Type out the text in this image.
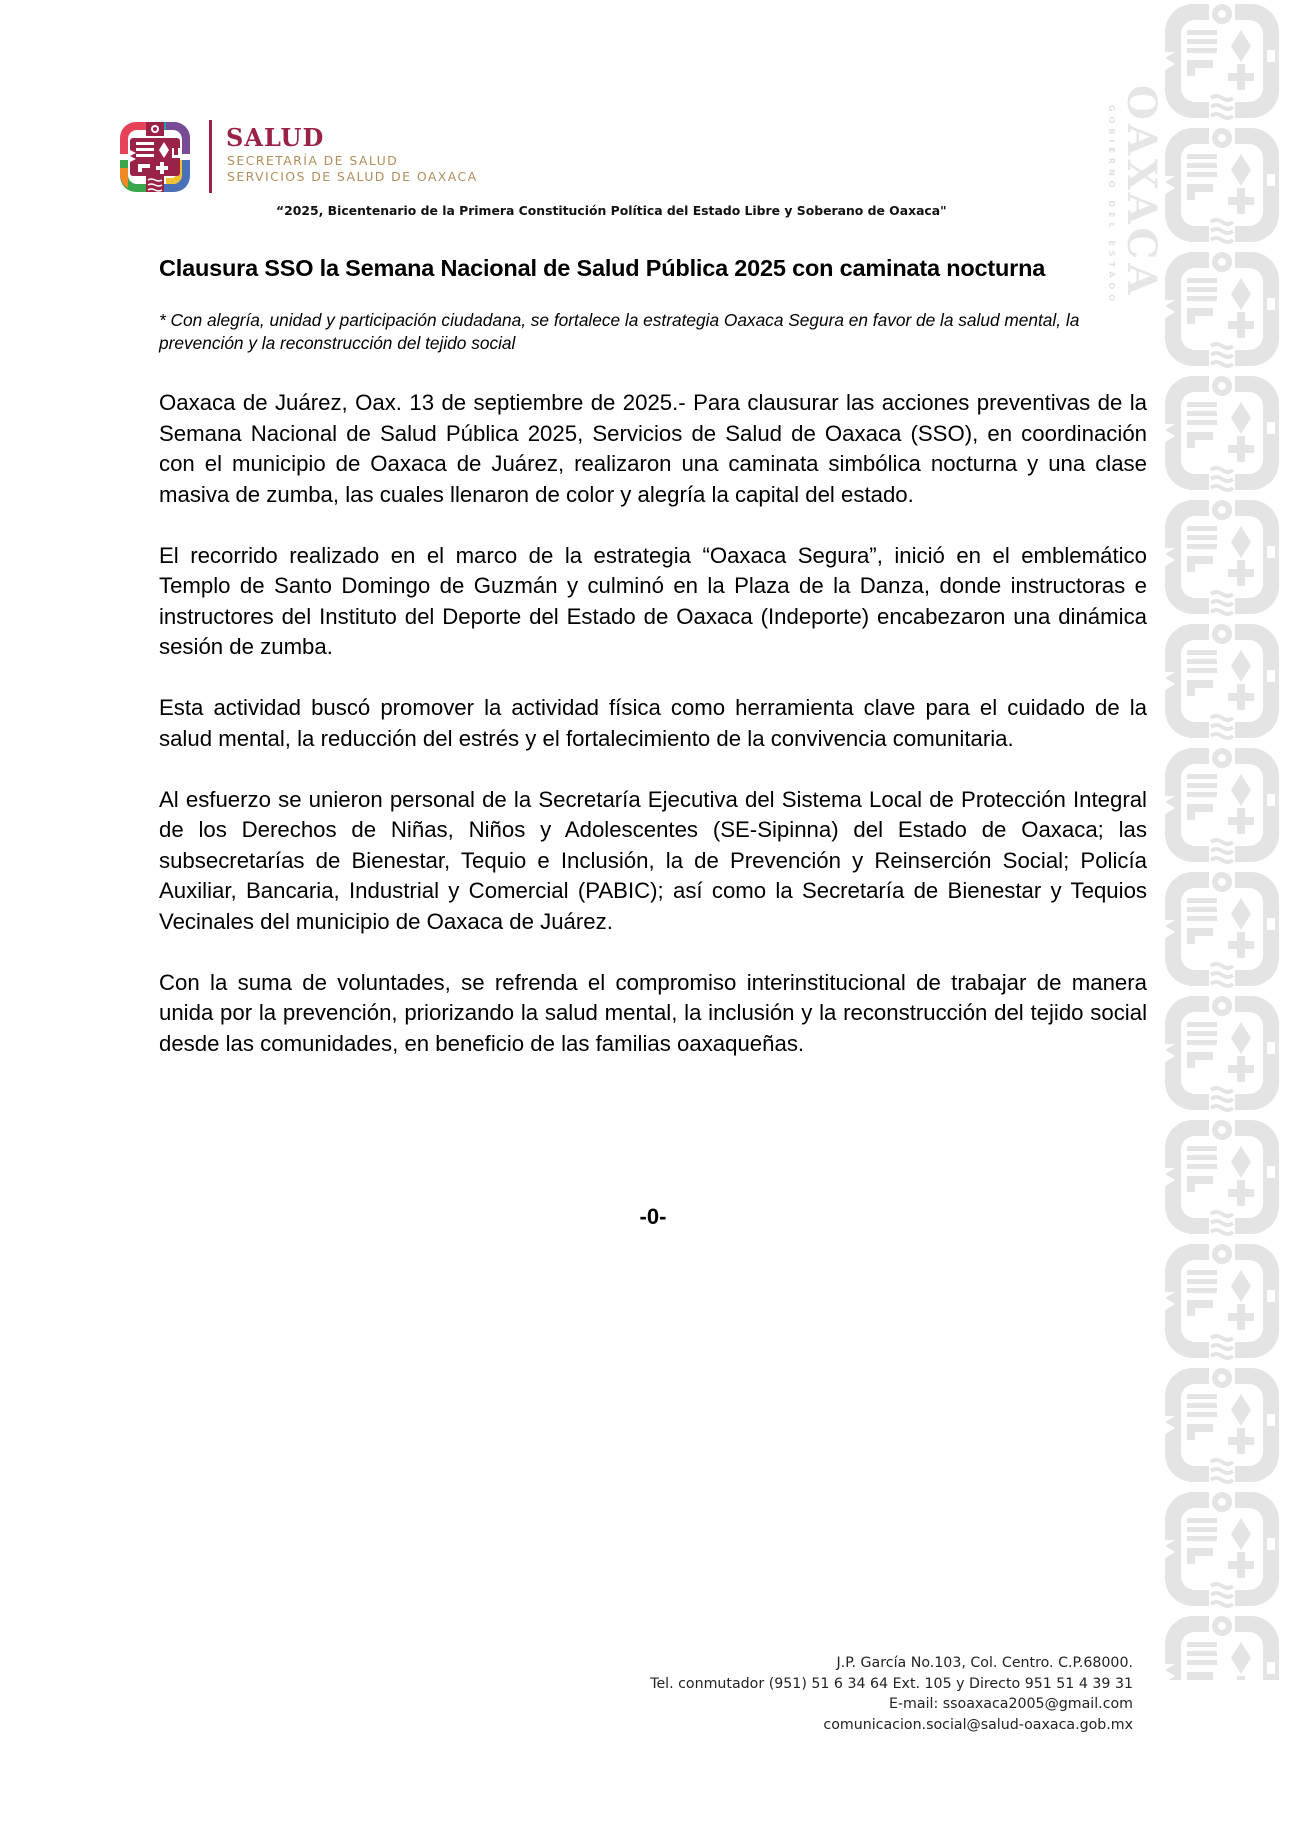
SALUD
SECRETARÍA DE SALUD
SERVICIOS DE SALUD DE OAXACA
“2025, Bicentenario de la Primera Constitución Política del Estado Libre y Soberano de Oaxaca"	GOBIERNO DEL ESTADO OAXACA
Clausura SSO la Semana Nacional de Salud Pública 2025 con caminata nocturna
* Con alegría, unidad y participación ciudadana, se fortalece la estrategia Oaxaca Segura en favor de la salud mental, la prevención y la reconstrucción del tejido social

Oaxaca de Juárez, Oax. 13 de septiembre de 2025.- Para clausurar las acciones preventivas de la Semana Nacional de Salud Pública 2025, Servicios de Salud de Oaxaca (SSO), en coordinación con el municipio de Oaxaca de Juárez, realizaron una caminata simbólica nocturna y una clase masiva de zumba, las cuales llenaron de color y alegría la capital del estado.

El recorrido realizado en el marco de la estrategia “Oaxaca Segura”, inició en el emblemático Templo de Santo Domingo de Guzmán y culminó en la Plaza de la Danza, donde instructoras e instructores del Instituto del Deporte del Estado de Oaxaca (Indeporte) encabezaron una dinámica sesión de zumba.

Esta actividad buscó promover la actividad física como herramienta clave para el cuidado de la salud mental, la reducción del estrés y el fortalecimiento de la convivencia comunitaria.

Al esfuerzo se unieron personal de la Secretaría Ejecutiva del Sistema Local de Protección Integral de los Derechos de Niñas, Niños y Adolescentes (SE-Sipinna) del Estado de Oaxaca; las subsecretarías de Bienestar, Tequio e Inclusión, la de Prevención y Reinserción Social; Policía Auxiliar, Bancaria, Industrial y Comercial (PABIC); así como la Secretaría de Bienestar y Tequios Vecinales del municipio de Oaxaca de Juárez.

Con la suma de voluntades, se refrenda el compromiso interinstitucional de trabajar de manera unida por la prevención, priorizando la salud mental, la inclusión y la reconstrucción del tejido social desde las comunidades, en beneficio de las familias oaxaqueñas.

-0-
J.P. García No.103, Col. Centro. C.P.68000.
Tel. conmutador (951) 51 6 34 64 Ext. 105 y Directo 951 51 4 39 31
E-mail: ssoaxaca2005@gmail.com
comunicacion.social@salud-oaxaca.gob.mx
